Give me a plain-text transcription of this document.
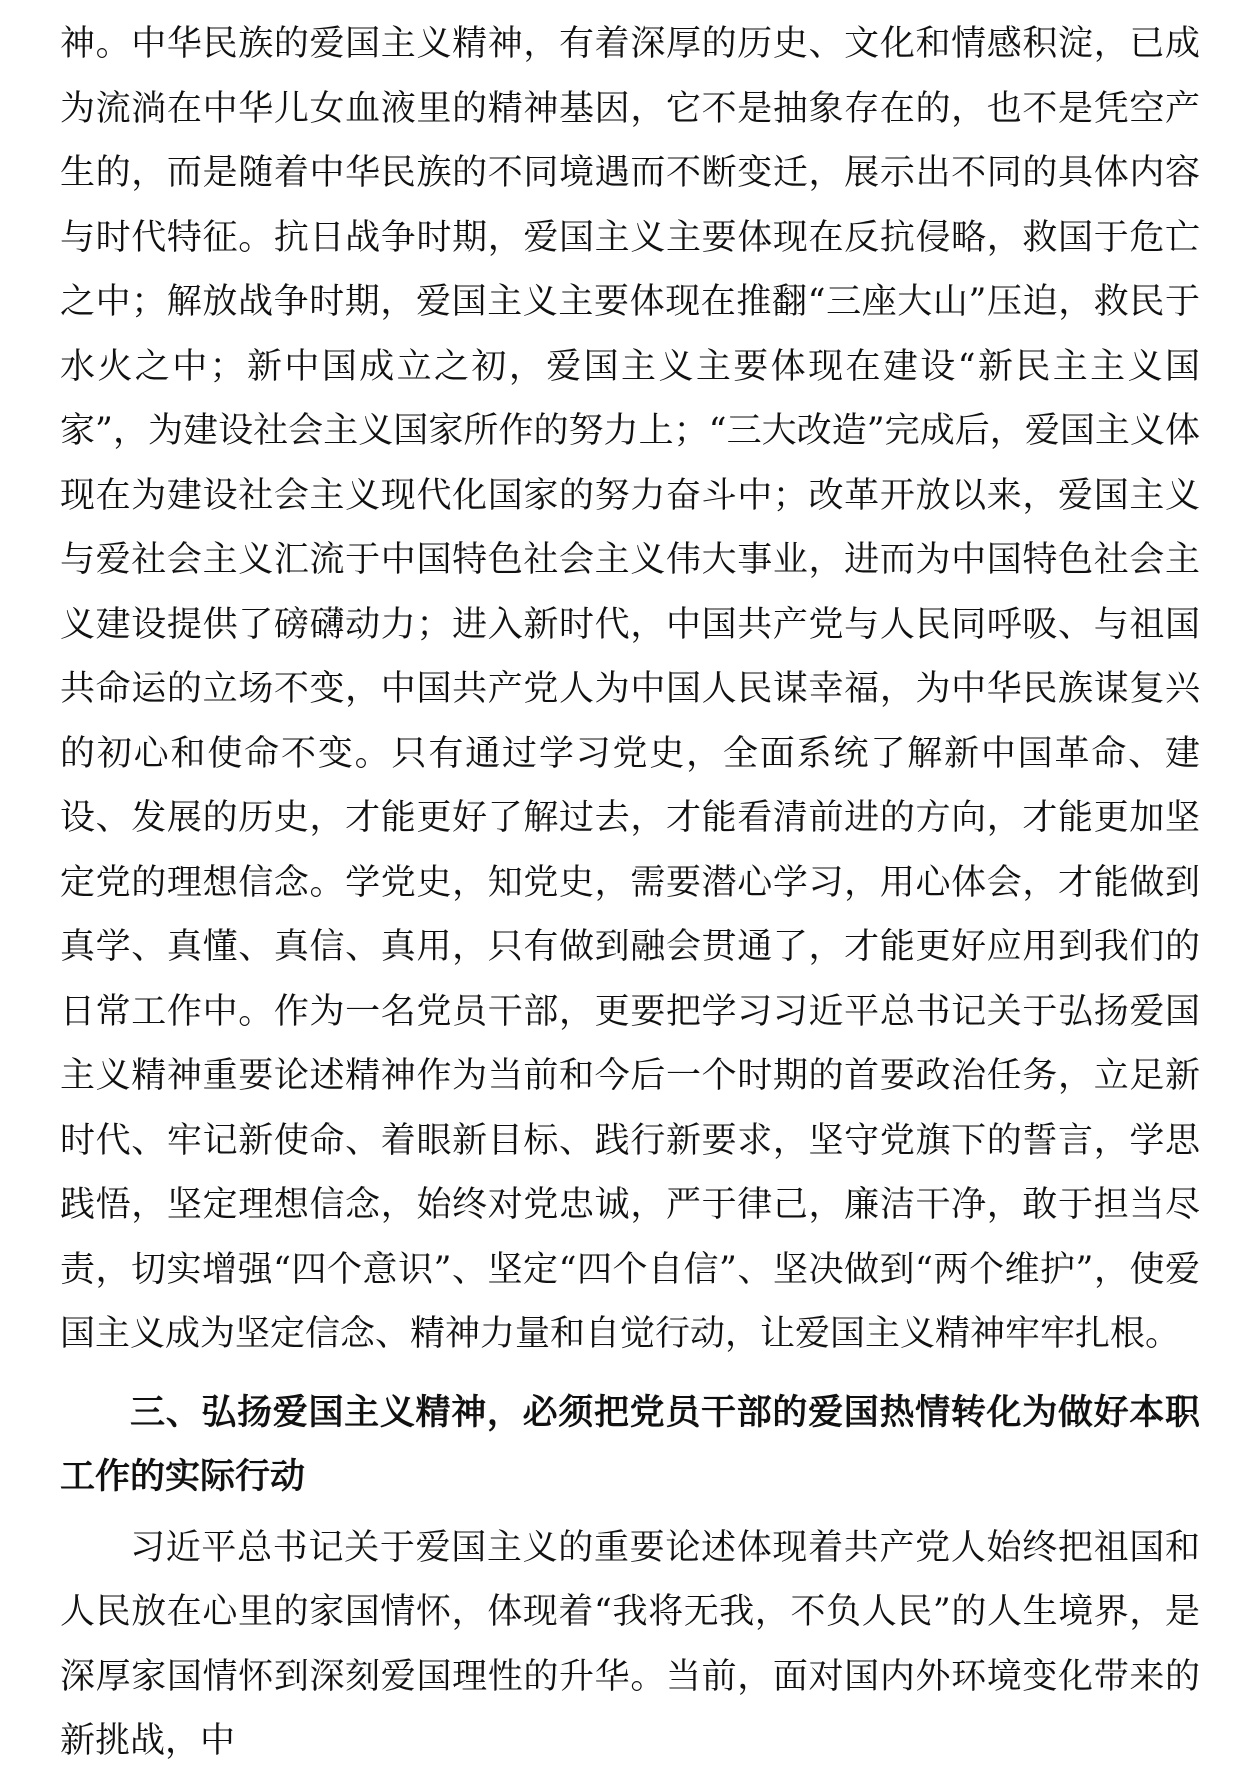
神。中华民族的爱国主义精神，有着深厚的历史、文化和情感积淀，已成为流淌在中华儿女血液里的精神基因，它不是抽象存在的，也不是凭空产生的，而是随着中华民族的不同境遇而不断变迁，展示出不同的具体内容与时代特征。抗日战争时期，爱国主义主要体现在反抗侵略，救国于危亡之中；解放战争时期，爱国主义主要体现在推翻“三座大山”压迫，救民于水火之中；新中国成立之初，爱国主义主要体现在建设“新民主主义国家”，为建设社会主义国家所作的努力上；“三大改造”完成后，爱国主义体现在为建设社会主义现代化国家的努力奋斗中；改革开放以来，爱国主义与爱社会主义汇流于中国特色社会主义伟大事业，进而为中国特色社会主义建设提供了磅礴动力；进入新时代，中国共产党与人民同呼吸、与祖国共命运的立场不变，中国共产党人为中国人民谋幸福，为中华民族谋复兴的初心和使命不变。只有通过学习党史，全面系统了解新中国革命、建设、发展的历史，才能更好了解过去，才能看清前进的方向，才能更加坚定党的理想信念。学党史，知党史，需要潜心学习，用心体会，才能做到真学、真懂、真信、真用，只有做到融会贯通了，才能更好应用到我们的日常工作中。作为一名党员干部，更要把学习习近平总书记关于弘扬爱国主义精神重要论述精神作为当前和今后一个时期的首要政治任务，立足新时代、牢记新使命、着眼新目标、践行新要求，坚守党旗下的誓言，学思践悟，坚定理想信念，始终对党忠诚，严于律己，廉洁干净，敢于担当尽责，切实增强“四个意识”、坚定“四个自信”、坚决做到“两个维护”，使爱国主义成为坚定信念、精神力量和自觉行动，让爱国主义精神牢牢扎根。

三、弘扬爱国主义精神，必须把党员干部的爱国热情转化为做好本职工作的实际行动

习近平总书记关于爱国主义的重要论述体现着共产党人始终把祖国和人民放在心里的家国情怀，体现着“我将无我，不负人民”的人生境界，是深厚家国情怀到深刻爱国理性的升华。当前，面对国内外环境变化带来的新挑战，中
